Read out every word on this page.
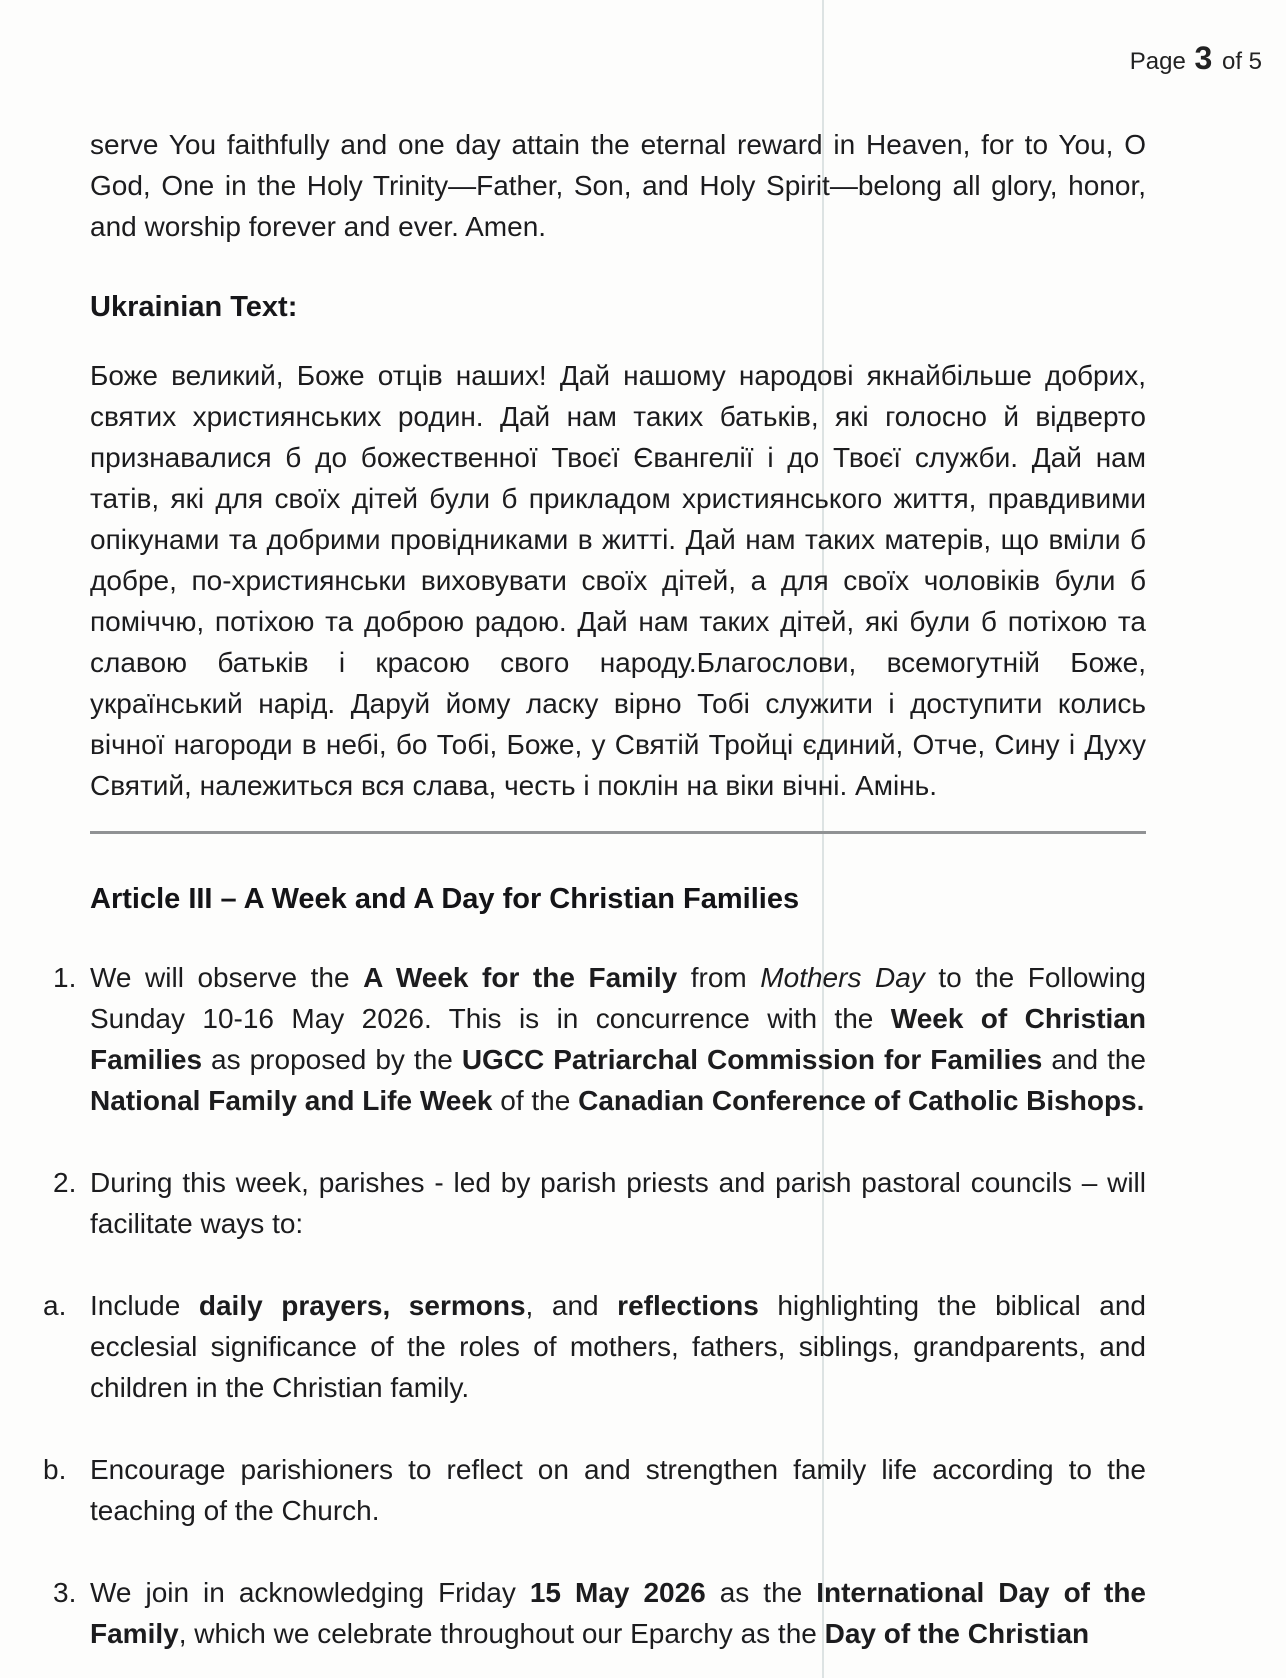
Page 3 of 5

serve You faithfully and one day attain the eternal reward in Heaven, for to You, O God, One in the Holy Trinity—Father, Son, and Holy Spirit—belong all glory, honor, and worship forever and ever. Amen.

Ukrainian Text:

Боже великий, Боже отців наших! Дай нашому народові якнайбільше добрих, святих християнських родин. Дай нам таких батьків, які голосно й відверто признавалися б до божественної Твоєї Євангелії і до Твоєї служби. Дай нам татів, які для своїх дітей були б прикладом християнського життя, правдивими опікунами та добрими провідниками в житті. Дай нам таких матерів, що вміли б добре, по-християнськи виховувати своїх дітей, а для своїх чоловіків були б поміччю, потіхою та доброю радою. Дай нам таких дітей, які були б потіхою та славою батьків і красою свого народу.Благослови, всемогутній Боже, український нарід. Даруй йому ласку вірно Тобі служити і доступити колись вічної нагороди в небі, бо Тобі, Боже, у Святій Тройці єдиний, Отче, Сину і Духу Святий, належиться вся слава, честь і поклін на віки вічні. Амінь.

Article III – A Week and A Day for Christian Families
1. We will observe the A Week for the Family from Mothers Day to the Following Sunday 10-16 May 2026. This is in concurrence with the Week of Christian Families as proposed by the UGCC Patriarchal Commission for Families and the National Family and Life Week of the Canadian Conference of Catholic Bishops.

2. During this week, parishes - led by parish priests and parish pastoral councils – will facilitate ways to:

a. Include daily prayers, sermons, and reflections highlighting the biblical and ecclesial significance of the roles of mothers, fathers, siblings, grandparents, and children in the Christian family.

b. Encourage parishioners to reflect on and strengthen family life according to the teaching of the Church.

3. We join in acknowledging Friday 15 May 2026 as the International Day of the Family, which we celebrate throughout our Eparchy as the Day of the Christian
